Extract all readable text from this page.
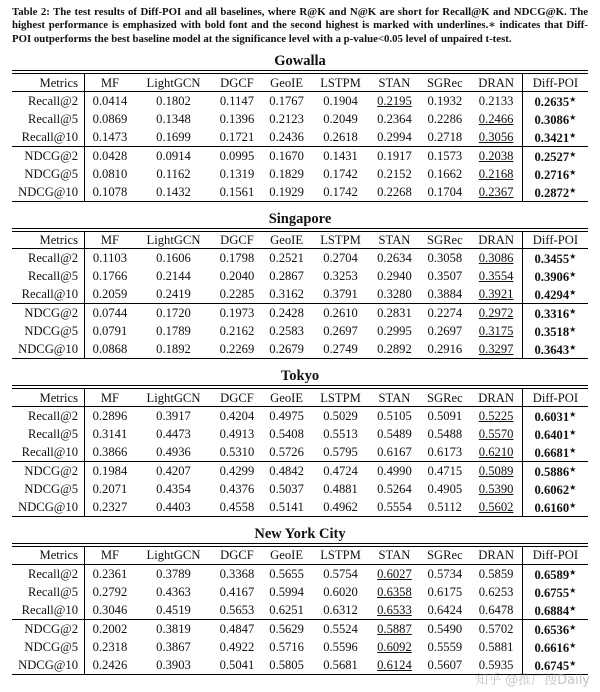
Table 2: The test results of Diff-POI and all baselines, where R@K and N@K are short for Recall@K and NDCG@K. The highest performance is emphasized with bold font and the second highest is marked with underlines.∗ indicates that Diff-POI outperforms the best baseline model at the significance level with a p-value<0.05 level of unpaired t-test.

Gowalla
Metrics	MF	LightGCN	DGCF	GeoIE	LSTPM	STAN	SGRec	DRAN	Diff-POI
Recall@2	0.0414	0.1802	0.1147	0.1767	0.1904	0.2195	0.1932	0.2133	0.2635★
Recall@5	0.0869	0.1348	0.1396	0.2123	0.2049	0.2364	0.2286	0.2466	0.3086★
Recall@10	0.1473	0.1699	0.1721	0.2436	0.2618	0.2994	0.2718	0.3056	0.3421★
NDCG@2	0.0428	0.0914	0.0995	0.1670	0.1431	0.1917	0.1573	0.2038	0.2527★
NDCG@5	0.0810	0.1162	0.1319	0.1829	0.1742	0.2152	0.1662	0.2168	0.2716★
NDCG@10	0.1078	0.1432	0.1561	0.1929	0.1742	0.2268	0.1704	0.2367	0.2872★
Singapore
Metrics	MF	LightGCN	DGCF	GeoIE	LSTPM	STAN	SGRec	DRAN	Diff-POI
Recall@2	0.1103	0.1606	0.1798	0.2521	0.2704	0.2634	0.3058	0.3086	0.3455★
Recall@5	0.1766	0.2144	0.2040	0.2867	0.3253	0.2940	0.3507	0.3554	0.3906★
Recall@10	0.2059	0.2419	0.2285	0.3162	0.3791	0.3280	0.3884	0.3921	0.4294★
NDCG@2	0.0744	0.1720	0.1973	0.2428	0.2610	0.2831	0.2274	0.2972	0.3316★
NDCG@5	0.0791	0.1789	0.2162	0.2583	0.2697	0.2995	0.2697	0.3175	0.3518★
NDCG@10	0.0868	0.1892	0.2269	0.2679	0.2749	0.2892	0.2916	0.3297	0.3643★
Tokyo
Metrics	MF	LightGCN	DGCF	GeoIE	LSTPM	STAN	SGRec	DRAN	Diff-POI
Recall@2	0.2896	0.3917	0.4204	0.4975	0.5029	0.5105	0.5091	0.5225	0.6031★
Recall@5	0.3141	0.4473	0.4913	0.5408	0.5513	0.5489	0.5488	0.5570	0.6401★
Recall@10	0.3866	0.4936	0.5310	0.5726	0.5795	0.6167	0.6173	0.6210	0.6681★
NDCG@2	0.1984	0.4207	0.4299	0.4842	0.4724	0.4990	0.4715	0.5089	0.5886★
NDCG@5	0.2071	0.4354	0.4376	0.5037	0.4881	0.5264	0.4905	0.5390	0.6062★
NDCG@10	0.2327	0.4403	0.4558	0.5141	0.4962	0.5554	0.5112	0.5602	0.6160★
New York City
Metrics	MF	LightGCN	DGCF	GeoIE	LSTPM	STAN	SGRec	DRAN	Diff-POI
Recall@2	0.2361	0.3789	0.3368	0.5655	0.5754	0.6027	0.5734	0.5859	0.6589★
Recall@5	0.2792	0.4363	0.4167	0.5994	0.6020	0.6358	0.6175	0.6253	0.6755★
Recall@10	0.3046	0.4519	0.5653	0.6251	0.6312	0.6533	0.6424	0.6478	0.6884★
NDCG@2	0.2002	0.3819	0.4847	0.5629	0.5524	0.5887	0.5490	0.5702	0.6536★
NDCG@5	0.2318	0.3867	0.4922	0.5716	0.5596	0.6092	0.5559	0.5881	0.6616★
NDCG@10	0.2426	0.3903	0.5041	0.5805	0.5681	0.6124	0.5607	0.5935	0.6745★
知乎 @推广搜Daily
